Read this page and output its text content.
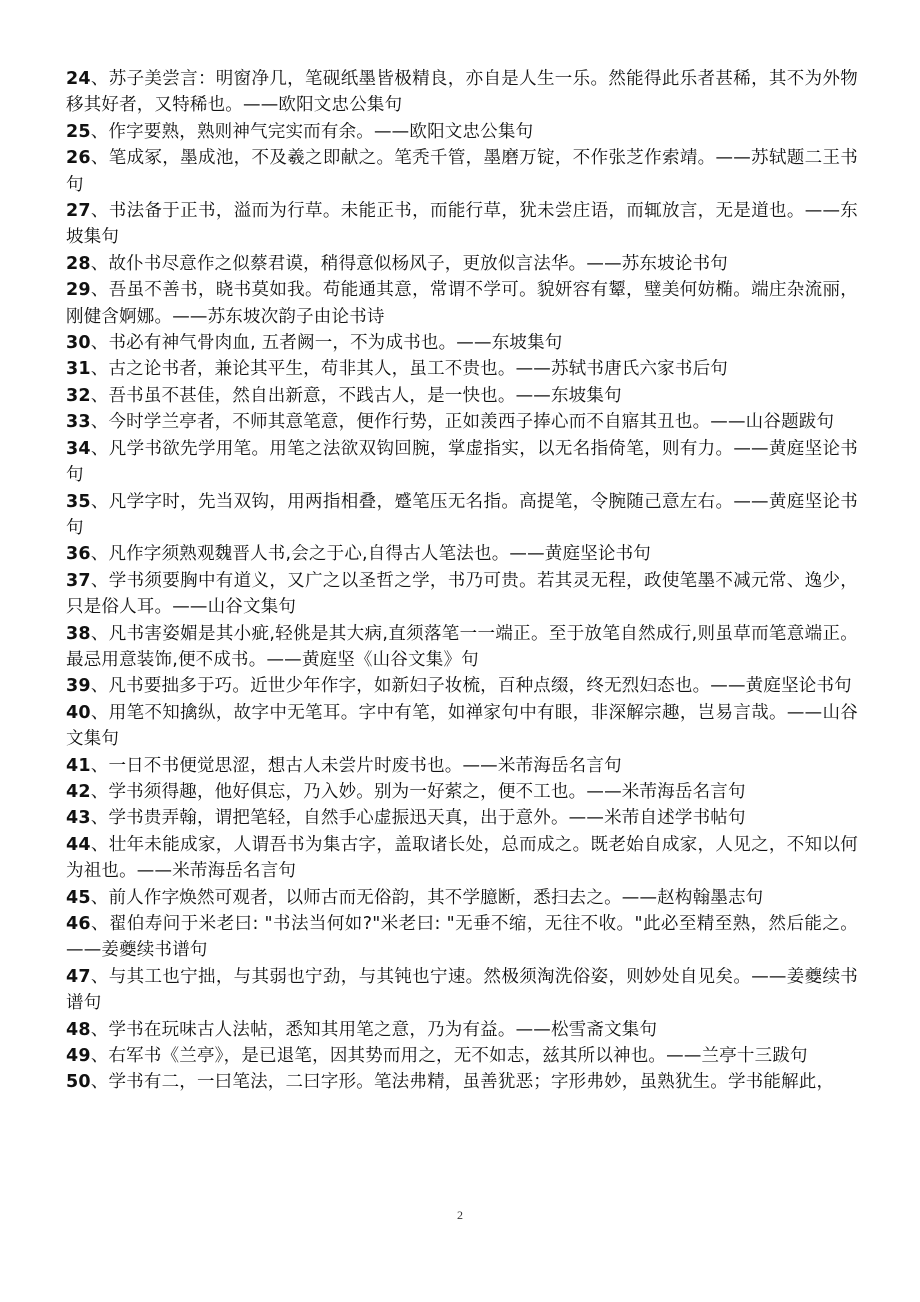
24、苏子美尝言：明窗净几，笔砚纸墨皆极精良，亦自是人生一乐。然能得此乐者甚稀，其不为外物移其好者，又特稀也。——欧阳文忠公集句

25、作字要熟，熟则神气完实而有余。——欧阳文忠公集句

26、笔成冢，墨成池，不及羲之即献之。笔秃千管，墨磨万锭，不作张芝作索靖。——苏轼题二王书句

27、书法备于正书，溢而为行草。未能正书，而能行草，犹未尝庄语，而辄放言，无是道也。——东坡集句

28、故仆书尽意作之似蔡君谟，稍得意似杨风子，更放似言法华。——苏东坡论书句

29、吾虽不善书，晓书莫如我。苟能通其意，常谓不学可。貌妍容有颦，璧美何妨椭。端庄杂流丽，刚健含婀娜。——苏东坡次韵子由论书诗

30、书必有神气骨肉血, 五者阙一，不为成书也。——东坡集句

31、古之论书者，兼论其平生，苟非其人，虽工不贵也。——苏轼书唐氏六家书后句

32、吾书虽不甚佳，然自出新意，不践古人，是一快也。——东坡集句

33、今时学兰亭者，不师其意笔意，便作行势，正如羡西子捧心而不自寤其丑也。——山谷题跋句

34、凡学书欲先学用笔。用笔之法欲双钩回腕，掌虚指实，以无名指倚笔，则有力。——黄庭坚论书句

35、凡学字时，先当双钩，用两指相叠，蹙笔压无名指。高提笔，令腕随己意左右。——黄庭坚论书句

36、凡作字须熟观魏晋人书,会之于心,自得古人笔法也。——黄庭坚论书句

37、学书须要胸中有道义，又广之以圣哲之学，书乃可贵。若其灵无程，政使笔墨不减元常、逸少，只是俗人耳。——山谷文集句

38、凡书害姿媚是其小疵,轻佻是其大病,直须落笔一一端正。至于放笔自然成行,则虽草而笔意端正。最忌用意装饰,便不成书。——黄庭坚《山谷文集》句

39、凡书要拙多于巧。近世少年作字，如新妇子妆梳，百种点缀，终无烈妇态也。——黄庭坚论书句

40、用笔不知擒纵，故字中无笔耳。字中有笔，如禅家句中有眼，非深解宗趣，岂易言哉。——山谷文集句

41、一日不书便觉思涩，想古人未尝片时废书也。——米芾海岳名言句

42、学书须得趣，他好俱忘，乃入妙。别为一好萦之，便不工也。——米芾海岳名言句

43、学书贵弄翰，谓把笔轻，自然手心虚振迅天真，出于意外。——米芾自述学书帖句

44、壮年未能成家，人谓吾书为集古字，盖取诸长处，总而成之。既老始自成家，人见之，不知以何为祖也。——米芾海岳名言句

45、前人作字焕然可观者，以师古而无俗韵，其不学臆断，悉扫去之。——赵构翰墨志句

46、翟伯寿问于米老曰: "书法当何如?"米老曰: "无垂不缩，无往不收。"此必至精至熟，然后能之。——姜夔续书谱句

47、与其工也宁拙，与其弱也宁劲，与其钝也宁速。然极须淘洗俗姿，则妙处自见矣。——姜夔续书谱句

48、学书在玩味古人法帖，悉知其用笔之意，乃为有益。——松雪斋文集句

49、右军书《兰亭》，是已退笔，因其势而用之，无不如志，兹其所以神也。——兰亭十三跋句

50、学书有二，一曰笔法，二曰字形。笔法弗精，虽善犹恶；字形弗妙，虽熟犹生。学书能解此，

2
